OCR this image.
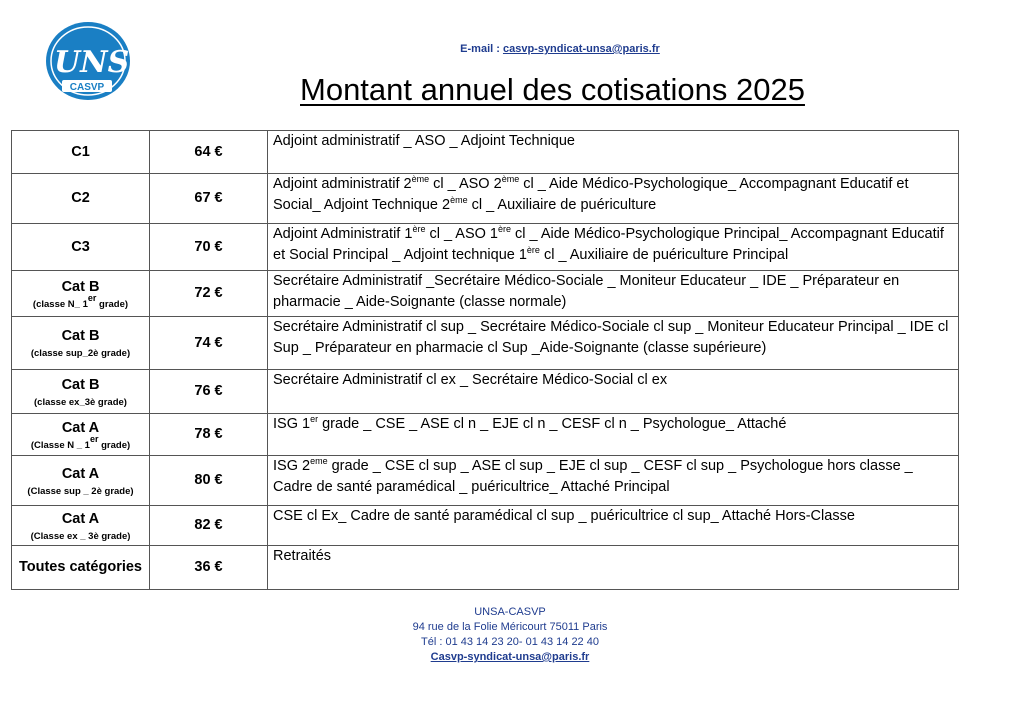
UNSa
CASVP
E-mail : casvp-syndicat-unsa@paris.fr
Montant annuel des cotisations 2025
C1	64 €	Adjoint administratif _ ASO _ Adjoint Technique

C2	67 €	Adjoint administratif 2ème cl _ ASO 2ème cl _ Aide Médico-Psychologique_ Accompagnant Educatif et Social_ Adjoint Technique 2ème cl _ Auxiliaire de puériculture

C3	70 €	Adjoint Administratif 1ère cl _ ASO 1ère cl _ Aide Médico-Psychologique Principal_ Accompagnant Educatif et Social Principal _ Adjoint technique 1ère cl _ Auxiliaire de puériculture Principal

Cat B
(classe N_ 1er grade)	72 €	Secrétaire Administratif _Secrétaire Médico-Sociale _ Moniteur Educateur _ IDE _ Préparateur en pharmacie _ Aide-Soignante (classe normale)

Cat B
(classe sup_2è grade)	74 €	Secrétaire Administratif cl sup _ Secrétaire Médico-Sociale cl sup _ Moniteur Educateur Principal _ IDE cl Sup _ Préparateur en pharmacie cl Sup _Aide-Soignante (classe supérieure)

Cat B
(classe ex_3è grade)	76 €	Secrétaire Administratif cl ex _ Secrétaire Médico-Social cl ex

Cat A
(Classe N _ 1er grade)	78 €	ISG 1er grade _ CSE _ ASE cl n _ EJE cl n _ CESF cl n _ Psychologue_ Attaché

Cat A
(Classe sup _ 2è grade)	80 €	ISG 2eme grade _ CSE cl sup _ ASE cl sup _ EJE cl sup _ CESF cl sup _ Psychologue hors classe _ Cadre de santé paramédical _ puéricultrice_ Attaché Principal

Cat A
(Classe ex _ 3è grade)	82 €	CSE cl Ex_ Cadre de santé paramédical cl sup _ puéricultrice cl sup_ Attaché Hors-Classe

Toutes catégories	36 €	Retraités
UNSA-CASVP
94 rue de la Folie Méricourt 75011 Paris
Tél : 01 43 14 23 20- 01 43 14 22 40
Casvp-syndicat-unsa@paris.fr
